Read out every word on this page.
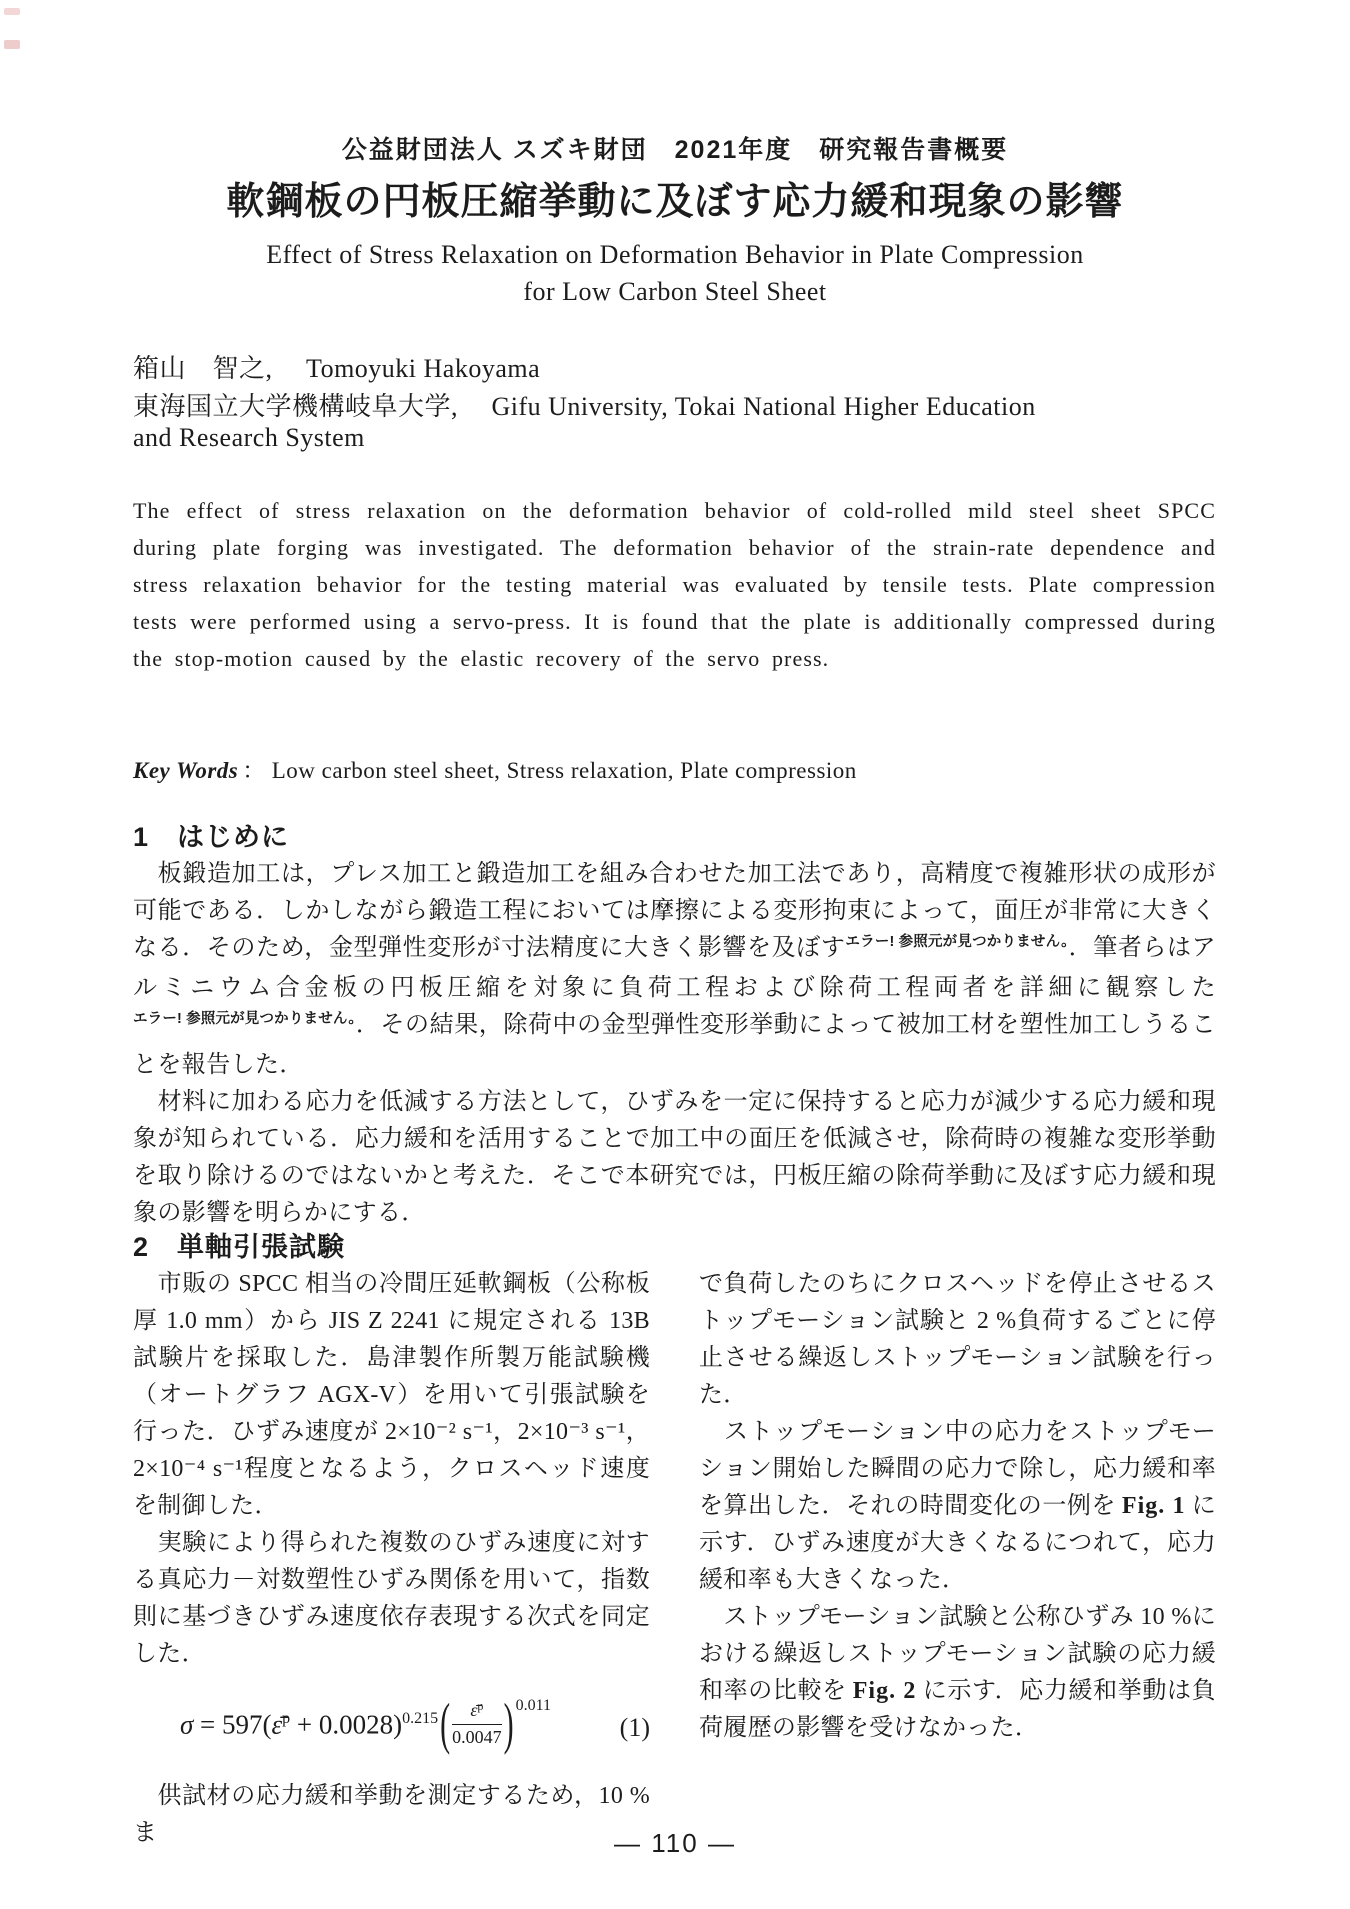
公益財団法人 スズキ財団　2021年度　研究報告書概要
軟鋼板の円板圧縮挙動に及ぼす応力緩和現象の影響
Effect of Stress Relaxation on Deformation Behavior in Plate Compression
for Low Carbon Steel Sheet
箱山　智之,　 Tomoyuki Hakoyama
東海国立大学機構岐阜大学,　 Gifu University, Tokai National Higher Education
and Research System
The effect of stress relaxation on the deformation behavior of cold-rolled mild steel sheet SPCC during plate forging was investigated. The deformation behavior of the strain-rate dependence and stress relaxation behavior for the testing material was evaluated by tensile tests. Plate compression tests were performed using a servo-press. It is found that the plate is additionally compressed during the stop-motion caused by the elastic recovery of the servo press.
Key Words ： Low carbon steel sheet, Stress relaxation, Plate compression
1　はじめに

　板鍛造加工は，プレス加工と鍛造加工を組み合わせた加工法であり，高精度で複雑形状の成形が可能である．しかしながら鍛造工程においては摩擦による変形拘束によって，面圧が非常に大きくなる．そのため，金型弾性変形が寸法精度に大きく影響を及ぼす$^{エラー! 参照元が見つかりません。}$．筆者らはアルミニウム合金板の円板圧縮を対象に負荷工程および除荷工程両者を詳細に観察した$^{エラー! 参照元が見つかりません。}$．その結果，除荷中の金型弾性変形挙動によって被加工材を塑性加工しうることを報告した．

　材料に加わる応力を低減する方法として，ひずみを一定に保持すると応力が減少する応力緩和現象が知られている．応力緩和を活用することで加工中の面圧を低減させ，除荷時の複雑な変形挙動を取り除けるのではないかと考えた．そこで本研究では，円板圧縮の除荷挙動に及ぼす応力緩和現象の影響を明らかにする．

2　単軸引張試験

　市販の SPCC 相当の冷間圧延軟鋼板（公称板厚 1.0 mm）から JIS Z 2241 に規定される 13B 試験片を採取した．島津製作所製万能試験機（オートグラフ AGX-V）を用いて引張試験を行った．ひずみ速度が 2×10⁻² s⁻¹，2×10⁻³ s⁻¹，2×10⁻⁴ s⁻¹程度となるよう，クロスヘッド速度を制御した．

　実験により得られた複数のひずみ速度に対する真応力－対数塑性ひずみ関係を用いて，指数則に基づきひずみ速度依存表現する次式を同定した．

σ = 597(ε̄$^p$ + $0.0028)^{0.215}( \frac{\varepsilon̄̇^p}{0.0047}$ ) $^{0.011}$
(1)

　供試材の応力緩和挙動を測定するため，10 %ま

で負荷したのちにクロスヘッドを停止させるストップモーション試験と 2 %負荷するごとに停止させる繰返しストップモーション試験を行った．

　ストップモーション中の応力をストップモーション開始した瞬間の応力で除し，応力緩和率を算出した．それの時間変化の一例を Fig. 1 に示す．ひずみ速度が大きくなるにつれて，応力緩和率も大きくなった．

　ストップモーション試験と公称ひずみ 10 %における繰返しストップモーション試験の応力緩和率の比較を Fig. 2 に示す．応力緩和挙動は負荷履歴の影響を受けなかった．

— 110 —
